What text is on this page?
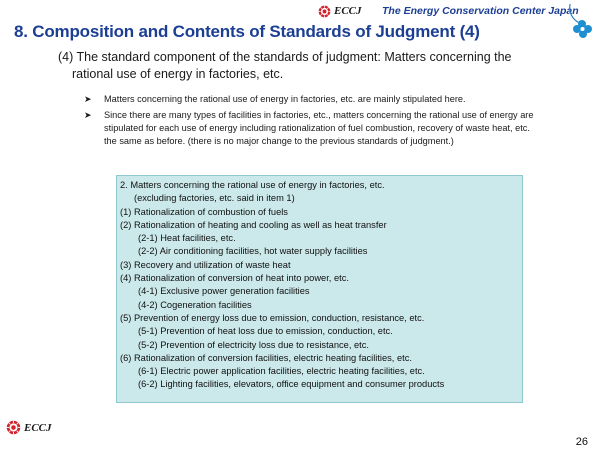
ECCJ The Energy Conservation Center Japan
8. Composition and Contents of Standards of Judgment (4)
(4) The standard component of the standards of judgment: Matters concerning the
rational use of energy in factories, etc.
➤ Matters concerning the rational use of energy in factories, etc. are mainly stipulated here.
➤ Since there are many types of facilities in factories, etc., matters concerning the rational use of energy are stipulated for each use of energy including rationalization of fuel combustion, recovery of waste heat, etc. the same as before. (there is no major change to the previous standards of judgment.)
2. Matters concerning the rational use of energy in factories, etc.
(excluding factories, etc. said in item 1)
(1) Rationalization of combustion of fuels
(2) Rationalization of heating and cooling as well as heat transfer
(2-1) Heat facilities, etc.
(2-2) Air conditioning facilities, hot water supply facilities
(3) Recovery and utilization of waste heat
(4) Rationalization of conversion of heat into power, etc.
(4-1) Exclusive power generation facilities
(4-2) Cogeneration facilities
(5) Prevention of energy loss due to emission, conduction, resistance, etc.
(5-1) Prevention of heat loss due to emission, conduction, etc.
(5-2) Prevention of electricity loss due to resistance, etc.
(6) Rationalization of conversion facilities, electric heating facilities, etc.
(6-1) Electric power application facilities, electric heating facilities, etc.
(6-2) Lighting facilities, elevators, office equipment and consumer products
ECCJ
26
